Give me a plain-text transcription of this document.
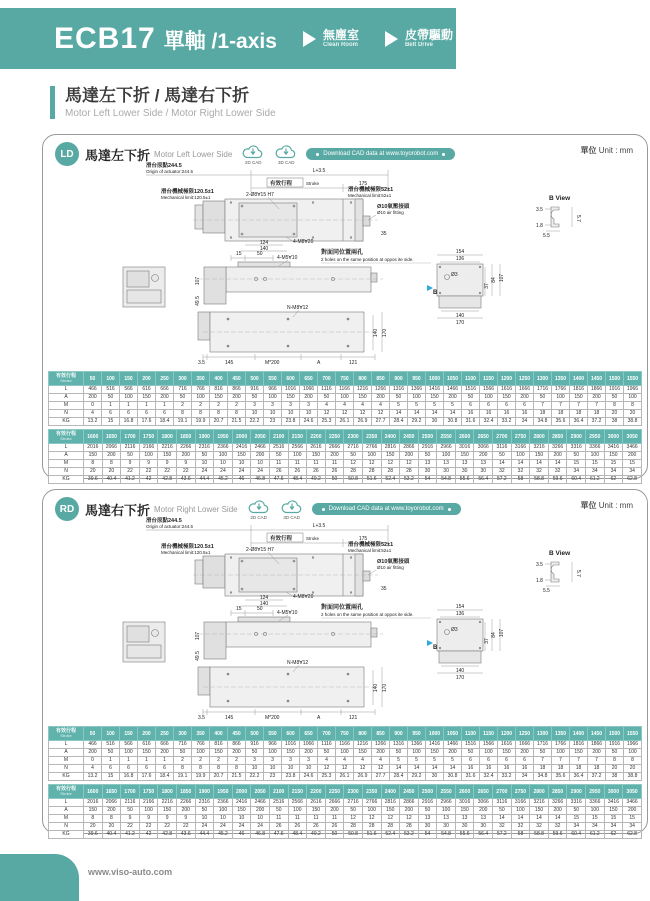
ECB17 單軸 /1-axis	無塵室
Clean Room
皮帶驅動
Belt Drive
馬達左下折 / 馬達右下折
Motor Left Lower Side / Motor Right Lower Side
LD 馬達左下折 Motor Left Lower Side
2D CAD	3D CAD
Download CAD data at www.toyorobot.com	單位 Unit : mm
滑台原點244.5
Origin of actuator:244.5	L+3.5
有效行程	Stroke	175
滑台機械極限120.5±1
Mechanical limit:120.5±1	2-Ø8∀15 H7
滑台機械極限52±1
Mechanical limit:52±1
Ø10氣壓接頭
Ø10 air fitting
35
4-M8∀20
124
140
B View
3.5
5.7
1.8
5.5
15	50
4-M5∀10
對面同位置兩孔
2 holes on the same position at oppos ite side.
107
49.5
N-M8∀12
140 170
3.5	145	M*200	A	121
154
136
Ø3
B
37
84 107
140
170
有效行程
Stroke	50	100	150	200	250	300	350	400	450	500	550	600	650	700	750	800	850	900	950	1000	1050	1100	1150	1200	1250	1300	1350	1400	1450	1500	1550
L	466	516	566	616	666	716	766	816	866	916	966	1016	1066	1116	1166	1216	1266	1316	1366	1416	1466	1516	1566	1616	1666	1716	1766	1816	1866	1916	1966
A	200	50	100	150	200	50	100	150	200	50	100	150	200	50	100	150	200	50	100	150	200	50	100	150	200	50	100	150	200	50	100
M	0	1	1	1	1	2	2	2	2	3	3	3	3	4	4	4	4	5	5	5	5	6	6	6	6	7	7	7	7	8	8
N	4	6	6	6	6	8	8	8	8	10	10	10	10	12	12	12	12	14	14	14	14	16	16	16	16	18	18	18	18	20	20
KG	13.2	15	16.8	17.6	18.4	19.1	19.9	20.7	21.5	22.2	23	23.8	24.6	25.3	26.1	26.9	27.7	28.4	29.2	30	30.8	31.6	32.4	33.2	34	34.8	35.6	36.4	37.2	38	38.8
有效行程
Stroke	1600	1650	1700	1750	1800	1850	1900	1950	2000	2050	2100	2150	2200	2250	2300	2350	2400	2450	2500	2550	2600	2650	2700	2750	2800	2850	2900	2950	3000	3050
L	2016	2066	2116	2166	2216	2266	2316	2366	2416	2466	2516	2566	2616	2666	2716	2766	2816	2866	2916	2966	3016	3066	3116	3166	3216	3266	3316	3366	3416	3466
A	150	200	50	100	150	200	50	100	150	200	50	100	150	200	50	100	150	200	50	100	150	200	50	100	150	200	50	100	150	200
M	8	8	9	9	9	9	10	10	10	10	11	11	11	11	12	12	12	12	13	13	13	13	14	14	14	14	15	15	15	15
N	20	20	22	22	22	22	24	24	24	24	26	26	26	26	28	28	28	28	30	30	30	30	32	32	32	32	34	34	34	34
KG	39.6	40.4	41.2	42	42.8	43.6	44.4	45.2	46	46.8	47.6	48.4	49.2	50	50.8	51.6	52.4	53.2	54	54.8	55.6	56.4	57.2	58	58.8	59.6	60.4	61.2	62	62.8
RD 馬達右下折 Motor Right Lower Side
2D CAD	3D CAD
Download CAD data at www.toyorobot.com	單位 Unit : mm
滑台原點244.5
Origin of actuator:244.5	L+3.5
有效行程	Stroke	175
滑台機械極限120.5±1
Mechanical limit:120.5±1	2-Ø8∀15 H7
滑台機械極限52±1
Mechanical limit:52±1
Ø10氣壓接頭
Ø10 air fitting
35
4-M8∀20
124
140
B View
3.5
5.7
1.8
5.5
15	50
4-M5∀10
對面同位置兩孔
2 holes on the same position at oppos ite side.
107
49.5
N-M8∀12
140 170
3.5	145	M*200	A	121
154
136
Ø3
B
37
84 107
140
170
有效行程
Stroke	50	100	150	200	250	300	350	400	450	500	550	600	650	700	750	800	850	900	950	1000	1050	1100	1150	1200	1250	1300	1350	1400	1450	1500	1550
L	466	516	566	616	666	716	766	816	866	916	966	1016	1066	1116	1166	1216	1266	1316	1366	1416	1466	1516	1566	1616	1666	1716	1766	1816	1866	1916	1966
A	200	50	100	150	200	50	100	150	200	50	100	150	200	50	100	150	200	50	100	150	200	50	100	150	200	50	100	150	200	50	100
M	0	1	1	1	1	2	2	2	2	3	3	3	3	4	4	4	4	5	5	5	5	6	6	6	6	7	7	7	7	8	8
N	4	6	6	6	6	8	8	8	8	10	10	10	10	12	12	12	12	14	14	14	14	16	16	16	16	18	18	18	18	20	20
KG	13.2	15	16.8	17.6	18.4	19.1	19.9	20.7	21.5	22.2	23	23.8	24.6	25.3	26.1	26.9	27.7	28.4	29.2	30	30.8	31.6	32.4	33.2	34	34.8	35.6	36.4	37.2	38	38.8
有效行程
Stroke	1600	1650	1700	1750	1800	1850	1900	1950	2000	2050	2100	2150	2200	2250	2300	2350	2400	2450	2500	2550	2600	2650	2700	2750	2800	2850	2900	2950	3000	3050
L	2016	2066	2116	2166	2216	2266	2316	2366	2416	2466	2516	2566	2616	2666	2716	2766	2816	2866	2916	2966	3016	3066	3116	3166	3216	3266	3316	3366	3416	3466
A	150	200	50	100	150	200	50	100	150	200	50	100	150	200	50	100	150	200	50	100	150	200	50	100	150	200	50	100	150	200
M	8	8	9	9	9	9	10	10	10	10	11	11	11	11	12	12	12	12	13	13	13	13	14	14	14	14	15	15	15	15
N	20	20	22	22	22	22	24	24	24	24	26	26	26	26	28	28	28	28	30	30	30	30	32	32	32	32	34	34	34	34
KG	39.6	40.4	41.2	42	42.8	43.6	44.4	45.2	46	46.8	47.6	48.4	49.2	50	50.8	51.6	52.4	53.2	54	54.8	55.6	56.4	57.2	58	58.8	59.6	60.4	61.2	62	62.8
www.viso-auto.com
